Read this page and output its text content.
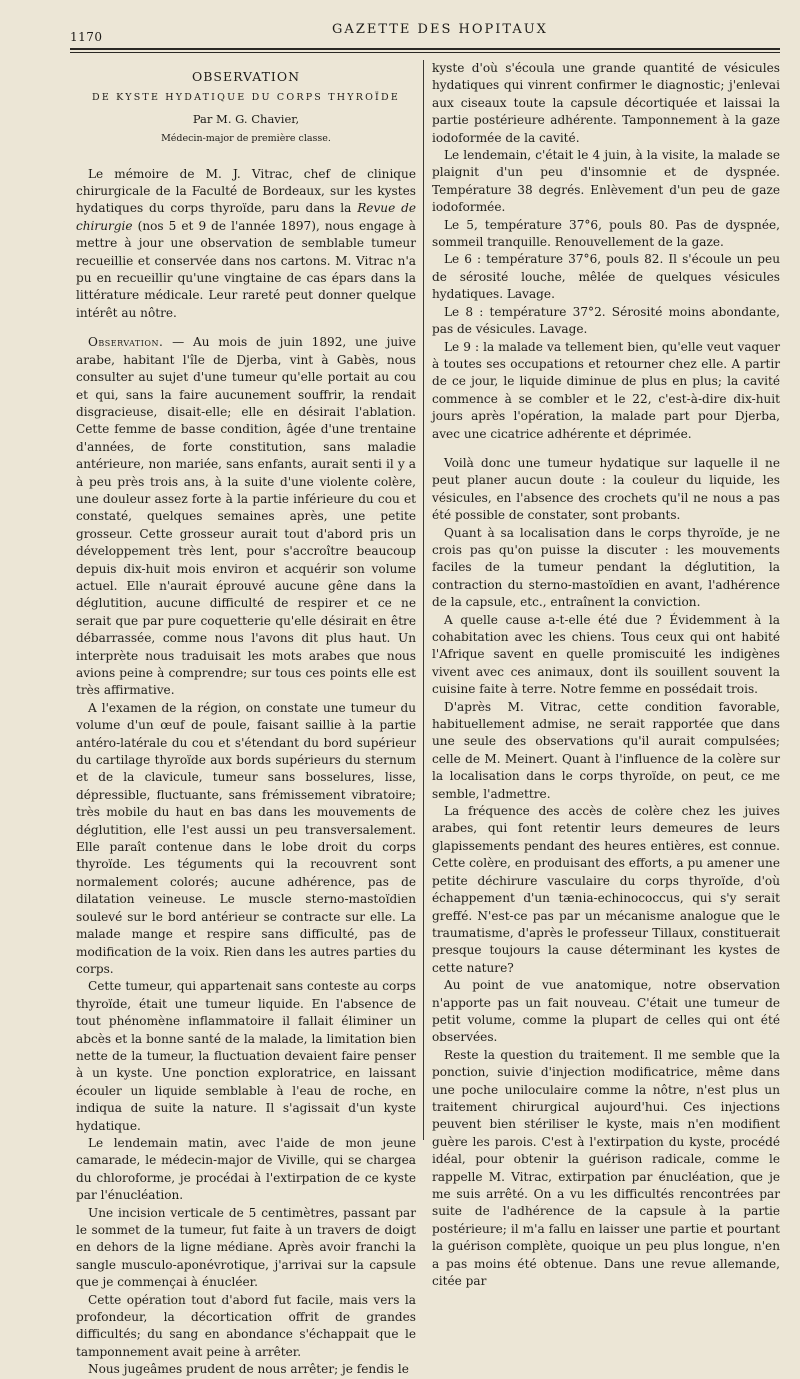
1170	GAZETTE DES HOPITAUX
OBSERVATION
DE KYSTE HYDATIQUE DU CORPS THYROÏDE
Par M. G. Chavier,
Médecin-major de première classe.

Le mémoire de M. J. Vitrac, chef de clinique chirurgicale de la Faculté de Bordeaux, sur les kystes hydatiques du corps thyroïde, paru dans la Revue de chirurgie (nos 5 et 9 de l'année 1897), nous engage à mettre à jour une observation de semblable tumeur recueillie et conservée dans nos cartons. M. Vitrac n'a pu en recueillir qu'une vingtaine de cas épars dans la littérature médicale. Leur rareté peut donner quelque intérêt au nôtre.

Observation. — Au mois de juin 1892, une juive arabe, habitant l'île de Djerba, vint à Gabès, nous consulter au sujet d'une tumeur qu'elle portait au cou et qui, sans la faire aucunement souffrir, la rendait disgracieuse, disait-elle; elle en désirait l'ablation. Cette femme de basse condition, âgée d'une trentaine d'années, de forte constitution, sans maladie antérieure, non mariée, sans enfants, aurait senti il y a à peu près trois ans, à la suite d'une violente colère, une douleur assez forte à la partie inférieure du cou et constaté, quelques semaines après, une petite grosseur. Cette grosseur aurait tout d'abord pris un développement très lent, pour s'accroître beaucoup depuis dix-huit mois environ et acquérir son volume actuel. Elle n'aurait éprouvé aucune gêne dans la déglutition, aucune difficulté de respirer et ce ne serait que par pure coquetterie qu'elle désirait en être débarrassée, comme nous l'avons dit plus haut. Un interprète nous traduisait les mots arabes que nous avions peine à comprendre; sur tous ces points elle est très affirmative.

A l'examen de la région, on constate une tumeur du volume d'un œuf de poule, faisant saillie à la partie antéro-latérale du cou et s'étendant du bord supérieur du cartilage thyroïde aux bords supérieurs du sternum et de la clavicule, tumeur sans bosselures, lisse, dépressible, fluctuante, sans frémissement vibratoire; très mobile du haut en bas dans les mouvements de déglutition, elle l'est aussi un peu transversalement. Elle paraît contenue dans le lobe droit du corps thyroïde. Les téguments qui la recouvrent sont normalement colorés; aucune adhérence, pas de dilatation veineuse. Le muscle sterno-mastoïdien soulevé sur le bord antérieur se contracte sur elle. La malade mange et respire sans difficulté, pas de modification de la voix. Rien dans les autres parties du corps.

Cette tumeur, qui appartenait sans conteste au corps thyroïde, était une tumeur liquide. En l'absence de tout phénomène inflammatoire il fallait éliminer un abcès et la bonne santé de la malade, la limitation bien nette de la tumeur, la fluctuation devaient faire penser à un kyste. Une ponction exploratrice, en laissant écouler un liquide semblable à l'eau de roche, en indiqua de suite la nature. Il s'agissait d'un kyste hydatique.

Le lendemain matin, avec l'aide de mon jeune camarade, le médecin-major de Viville, qui se chargea du chloroforme, je procédai à l'extirpation de ce kyste par l'énucléation.

Une incision verticale de 5 centimètres, passant par le sommet de la tumeur, fut faite à un travers de doigt en dehors de la ligne médiane. Après avoir franchi la sangle musculo-aponévrotique, j'arrivai sur la capsule que je commençai à énucléer.

Cette opération tout d'abord fut facile, mais vers la profondeur, la décortication offrit de grandes difficultés; du sang en abondance s'échappait que le tamponnement avait peine à arrêter.

Nous jugeâmes prudent de nous arrêter; je fendis le

kyste d'où s'écoula une grande quantité de vésicules hydatiques qui vinrent confirmer le diagnostic; j'enlevai aux ciseaux toute la capsule décortiquée et laissai la partie postérieure adhérente. Tamponnement à la gaze iodoformée de la cavité.

Le lendemain, c'était le 4 juin, à la visite, la malade se plaignit d'un peu d'insomnie et de dyspnée. Température 38 degrés. Enlèvement d'un peu de gaze iodoformée.

Le 5, température 37°6, pouls 80. Pas de dyspnée, sommeil tranquille. Renouvellement de la gaze.

Le 6 : température 37°6, pouls 82. Il s'écoule un peu de sérosité louche, mêlée de quelques vésicules hydatiques. Lavage.

Le 8 : température 37°2. Sérosité moins abondante, pas de vésicules. Lavage.

Le 9 : la malade va tellement bien, qu'elle veut vaquer à toutes ses occupations et retourner chez elle. A partir de ce jour, le liquide diminue de plus en plus; la cavité commence à se combler et le 22, c'est-à-dire dix-huit jours après l'opération, la malade part pour Djerba, avec une cicatrice adhérente et déprimée.

Voilà donc une tumeur hydatique sur laquelle il ne peut planer aucun doute : la couleur du liquide, les vésicules, en l'absence des crochets qu'il ne nous a pas été possible de constater, sont probants.

Quant à sa localisation dans le corps thyroïde, je ne crois pas qu'on puisse la discuter : les mouvements faciles de la tumeur pendant la déglutition, la contraction du sterno-mastoïdien en avant, l'adhérence de la capsule, etc., entraînent la conviction.

A quelle cause a-t-elle été due ? Évidemment à la cohabitation avec les chiens. Tous ceux qui ont habité l'Afrique savent en quelle promiscuité les indigènes vivent avec ces animaux, dont ils souillent souvent la cuisine faite à terre. Notre femme en possédait trois.

D'après M. Vitrac, cette condition favorable, habituellement admise, ne serait rapportée que dans une seule des observations qu'il aurait compulsées; celle de M. Meinert. Quant à l'influence de la colère sur la localisation dans le corps thyroïde, on peut, ce me semble, l'admettre.

La fréquence des accès de colère chez les juives arabes, qui font retentir leurs demeures de leurs glapissements pendant des heures entières, est connue. Cette colère, en produisant des efforts, a pu amener une petite déchirure vasculaire du corps thyroïde, d'où échappement d'un tænia-echinococcus, qui s'y serait greffé. N'est-ce pas par un mécanisme analogue que le traumatisme, d'après le professeur Tillaux, constituerait presque toujours la cause déterminant les kystes de cette nature?

Au point de vue anatomique, notre observation n'apporte pas un fait nouveau. C'était une tumeur de petit volume, comme la plupart de celles qui ont été observées.

Reste la question du traitement. Il me semble que la ponction, suivie d'injection modificatrice, même dans une poche uniloculaire comme la nôtre, n'est plus un traitement chirurgical aujourd'hui. Ces injections peuvent bien stériliser le kyste, mais n'en modifient guère les parois. C'est à l'extirpation du kyste, procédé idéal, pour obtenir la guérison radicale, comme le rappelle M. Vitrac, extirpation par énucléation, que je me suis arrêté. On a vu les difficultés rencontrées par suite de l'adhérence de la capsule à la partie postérieure; il m'a fallu en laisser une partie et pourtant la guérison complète, quoique un peu plus longue, n'en a pas moins été obtenue. Dans une revue allemande, citée par
